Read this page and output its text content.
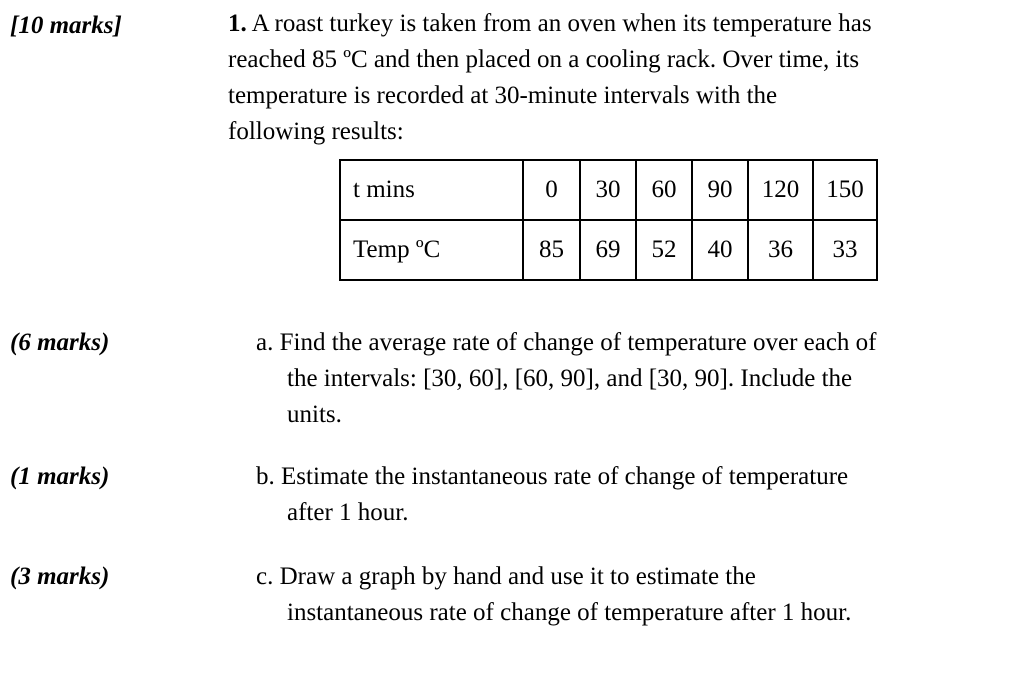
[10 marks]	1. A roast turkey is taken from an oven when its temperature has
reached 85 ºC and then placed on a cooling rack. Over time, its
temperature is recorded at 30-minute intervals with the
following results:
t mins	0	30	60	90	120	150
Temp ºC	85	69	52	40	36	33
(6 marks)	a. Find the average rate of change of temperature over each of
the intervals: [30, 60], [60, 90], and [30, 90]. Include the
units.
(1 marks)	b. Estimate the instantaneous rate of change of temperature
after 1 hour.
(3 marks)	c. Draw a graph by hand and use it to estimate the
instantaneous rate of change of temperature after 1 hour.
